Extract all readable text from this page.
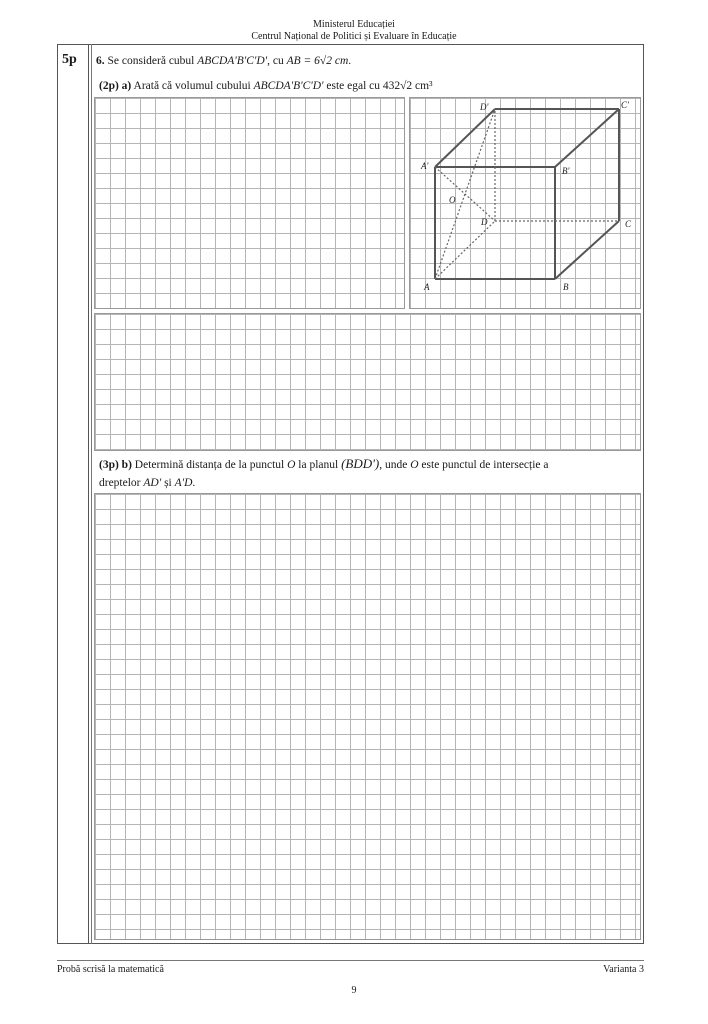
Ministerul Educației
Centrul Național de Politici și Evaluare în Educație
5p 6. Se consideră cubul ABCDA'B'C'D', cu AB = 6√2 cm.
(2p) a) Arată că volumul cubului ABCDA'B'C'D' este egal cu 432√2 cm³
A	B
C
D
A'	B'
C'
D'
O
(3p) b) Determină distanța de la punctul O la planul (BDD'), unde O este punctul de intersecție a
dreptelor AD' și A'D.
Probă scrisă la matematică	Varianta 3
9
